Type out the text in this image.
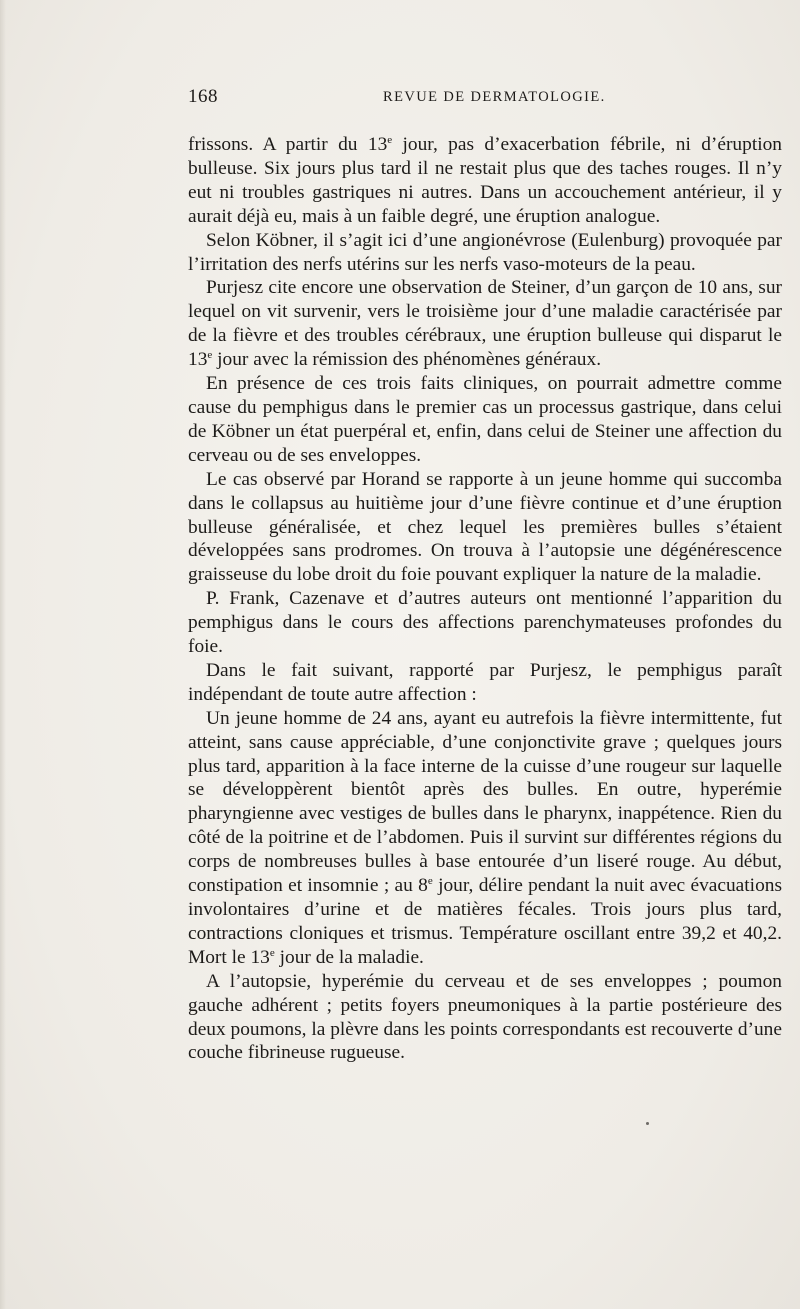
168	REVUE DE DERMATOLOGIE.

frissons. A partir du 13e jour, pas d’exacerbation fébrile, ni d’éruption bulleuse. Six jours plus tard il ne restait plus que des taches rouges. Il n’y eut ni troubles gastriques ni autres. Dans un accouchement antérieur, il y aurait déjà eu, mais à un faible degré, une éruption analogue.

Selon Köbner, il s’agit ici d’une angionévrose (Eulenburg) provoquée par l’irritation des nerfs utérins sur les nerfs vaso-moteurs de la peau.

Purjesz cite encore une observation de Steiner, d’un garçon de 10 ans, sur lequel on vit survenir, vers le troisième jour d’une maladie caractérisée par de la fièvre et des troubles cérébraux, une éruption bulleuse qui disparut le 13e jour avec la rémission des phénomènes généraux.

En présence de ces trois faits cliniques, on pourrait admettre comme cause du pemphigus dans le premier cas un processus gastrique, dans celui de Köbner un état puerpéral et, enfin, dans celui de Steiner une affection du cerveau ou de ses enveloppes.

Le cas observé par Horand se rapporte à un jeune homme qui succomba dans le collapsus au huitième jour d’une fièvre continue et d’une éruption bulleuse généralisée, et chez lequel les premières bulles s’étaient développées sans prodromes. On trouva à l’autopsie une dégénérescence graisseuse du lobe droit du foie pouvant expliquer la nature de la maladie.

P. Frank, Cazenave et d’autres auteurs ont mentionné l’apparition du pemphigus dans le cours des affections parenchymateuses profondes du foie.

Dans le fait suivant, rapporté par Purjesz, le pemphigus paraît indépendant de toute autre affection :

Un jeune homme de 24 ans, ayant eu autrefois la fièvre intermittente, fut atteint, sans cause appréciable, d’une conjonctivite grave ; quelques jours plus tard, apparition à la face interne de la cuisse d’une rougeur sur laquelle se développèrent bientôt après des bulles. En outre, hyperémie pharyngienne avec vestiges de bulles dans le pharynx, inappétence. Rien du côté de la poitrine et de l’abdomen. Puis il survint sur différentes régions du corps de nombreuses bulles à base entourée d’un liseré rouge. Au début, constipation et insomnie ; au 8e jour, délire pendant la nuit avec évacuations involontaires d’urine et de matières fécales. Trois jours plus tard, contractions cloniques et trismus. Température oscillant entre 39,2 et 40,2. Mort le 13e jour de la maladie.

A l’autopsie, hyperémie du cerveau et de ses enveloppes ; poumon gauche adhérent ; petits foyers pneumoniques à la partie postérieure des deux poumons, la plèvre dans les points correspondants est recouverte d’une couche fibrineuse rugueuse.
